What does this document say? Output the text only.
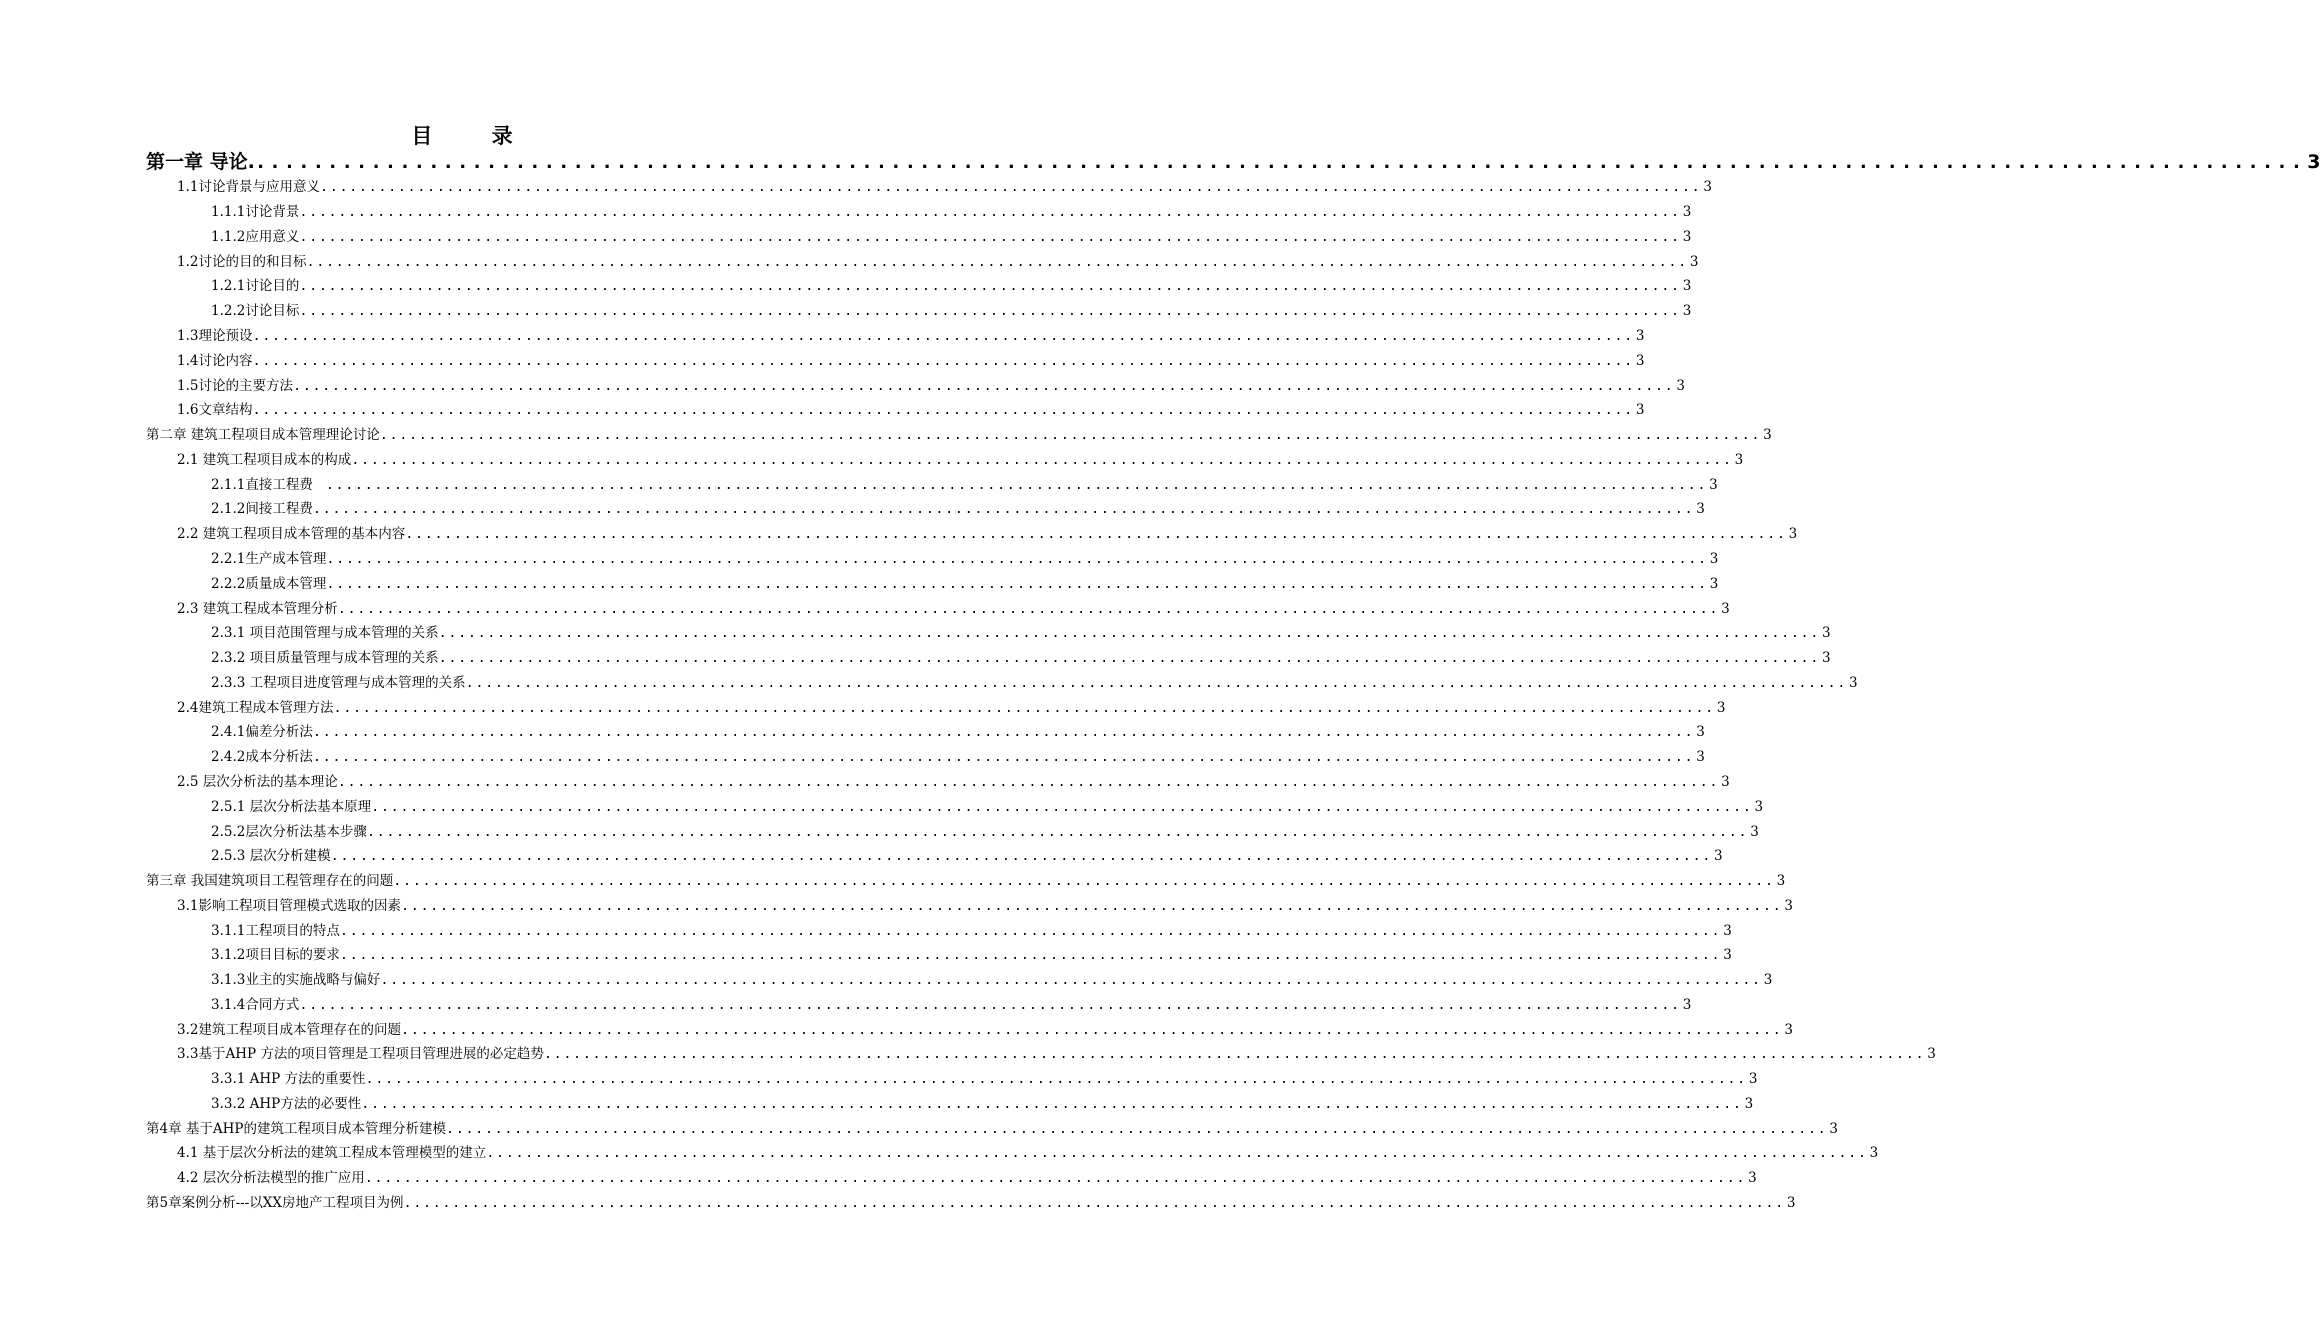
目 录
第一章 导论. .............................................................................................................................................. 3
1.1讨论背景与应用意义 .............................................................................................................................................. 3
1.1.1讨论背景 .............................................................................................................................................. 3
1.1.2应用意义 .............................................................................................................................................. 3
1.2讨论的目的和目标 .............................................................................................................................................. 3
1.2.1讨论目的 .............................................................................................................................................. 3
1.2.2讨论目标 .............................................................................................................................................. 3
1.3理论预设 .............................................................................................................................................. 3
1.4讨论内容 .............................................................................................................................................. 3
1.5讨论的主要方法 .............................................................................................................................................. 3
1.6文章结构 .............................................................................................................................................. 3
第二章 建筑工程项目成本管理理论讨论 .............................................................................................................................................. 3
2.1 建筑工程项目成本的构成 .............................................................................................................................................. 3
2.1.1直接工程费 .............................................................................................................................................. 3
2.1.2间接工程费 .............................................................................................................................................. 3
2.2 建筑工程项目成本管理的基本内容 .............................................................................................................................................. 3
2.2.1生产成本管理 .............................................................................................................................................. 3
2.2.2质量成本管理 .............................................................................................................................................. 3
2.3 建筑工程成本管理分析 .............................................................................................................................................. 3
2.3.1 项目范围管理与成本管理的关系 .............................................................................................................................................. 3
2.3.2 项目质量管理与成本管理的关系 .............................................................................................................................................. 3
2.3.3 工程项目进度管理与成本管理的关系 .............................................................................................................................................. 3
2.4建筑工程成本管理方法 .............................................................................................................................................. 3
2.4.1偏差分析法 .............................................................................................................................................. 3
2.4.2成本分析法 .............................................................................................................................................. 3
2.5 层次分析法的基本理论 .............................................................................................................................................. 3
2.5.1 层次分析法基本原理 .............................................................................................................................................. 3
2.5.2层次分析法基本步骤 .............................................................................................................................................. 3
2.5.3 层次分析建模 .............................................................................................................................................. 3
第三章 我国建筑项目工程管理存在的问题 .............................................................................................................................................. 3
3.1影响工程项目管理模式选取的因素 .............................................................................................................................................. 3
3.1.1工程项目的特点 .............................................................................................................................................. 3
3.1.2项目目标的要求 .............................................................................................................................................. 3
3.1.3业主的实施战略与偏好 .............................................................................................................................................. 3
3.1.4合同方式 .............................................................................................................................................. 3
3.2建筑工程项目成本管理存在的问题 .............................................................................................................................................. 3
3.3基于AHP 方法的项目管理是工程项目管理进展的必定趋势 .............................................................................................................................................. 3
3.3.1 AHP 方法的重要性 .............................................................................................................................................. 3
3.3.2 AHP方法的必要性 .............................................................................................................................................. 3
第4章 基于AHP的建筑工程项目成本管理分析建模 .............................................................................................................................................. 3
4.1 基于层次分析法的建筑工程成本管理模型的建立 .............................................................................................................................................. 3
4.2 层次分析法模型的推广应用 .............................................................................................................................................. 3
第5章案例分析---以XX房地产工程项目为例 .............................................................................................................................................. 3
